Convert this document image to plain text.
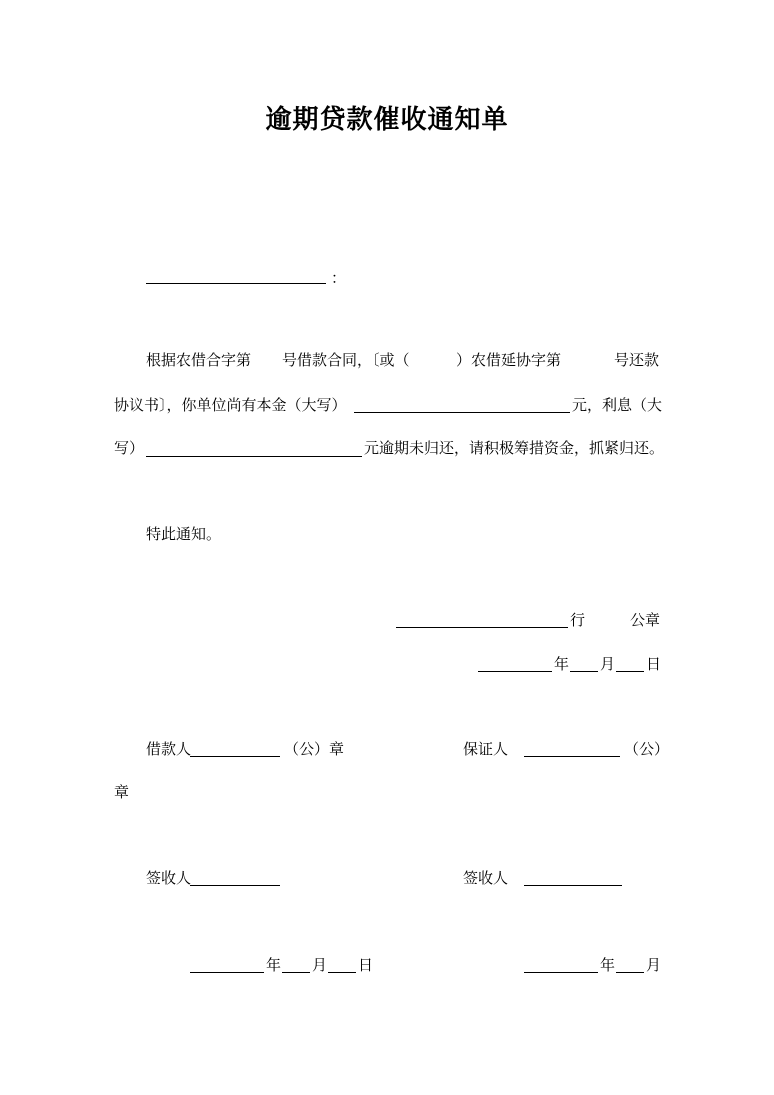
逾期贷款催收通知单
：
根据农借合字第 号借款合同，〔或（	）农借延协字第	号还款
协议书〕，你单位尚有本金（大写）	元，利息（大
写）	元逾期未归还，请积极筹措资金，抓紧归还。
特此通知。
行	公章
年 月 日
借款人	（公）章	保证人	（公）
章
签收人	签收人
年 月 日	年 月
